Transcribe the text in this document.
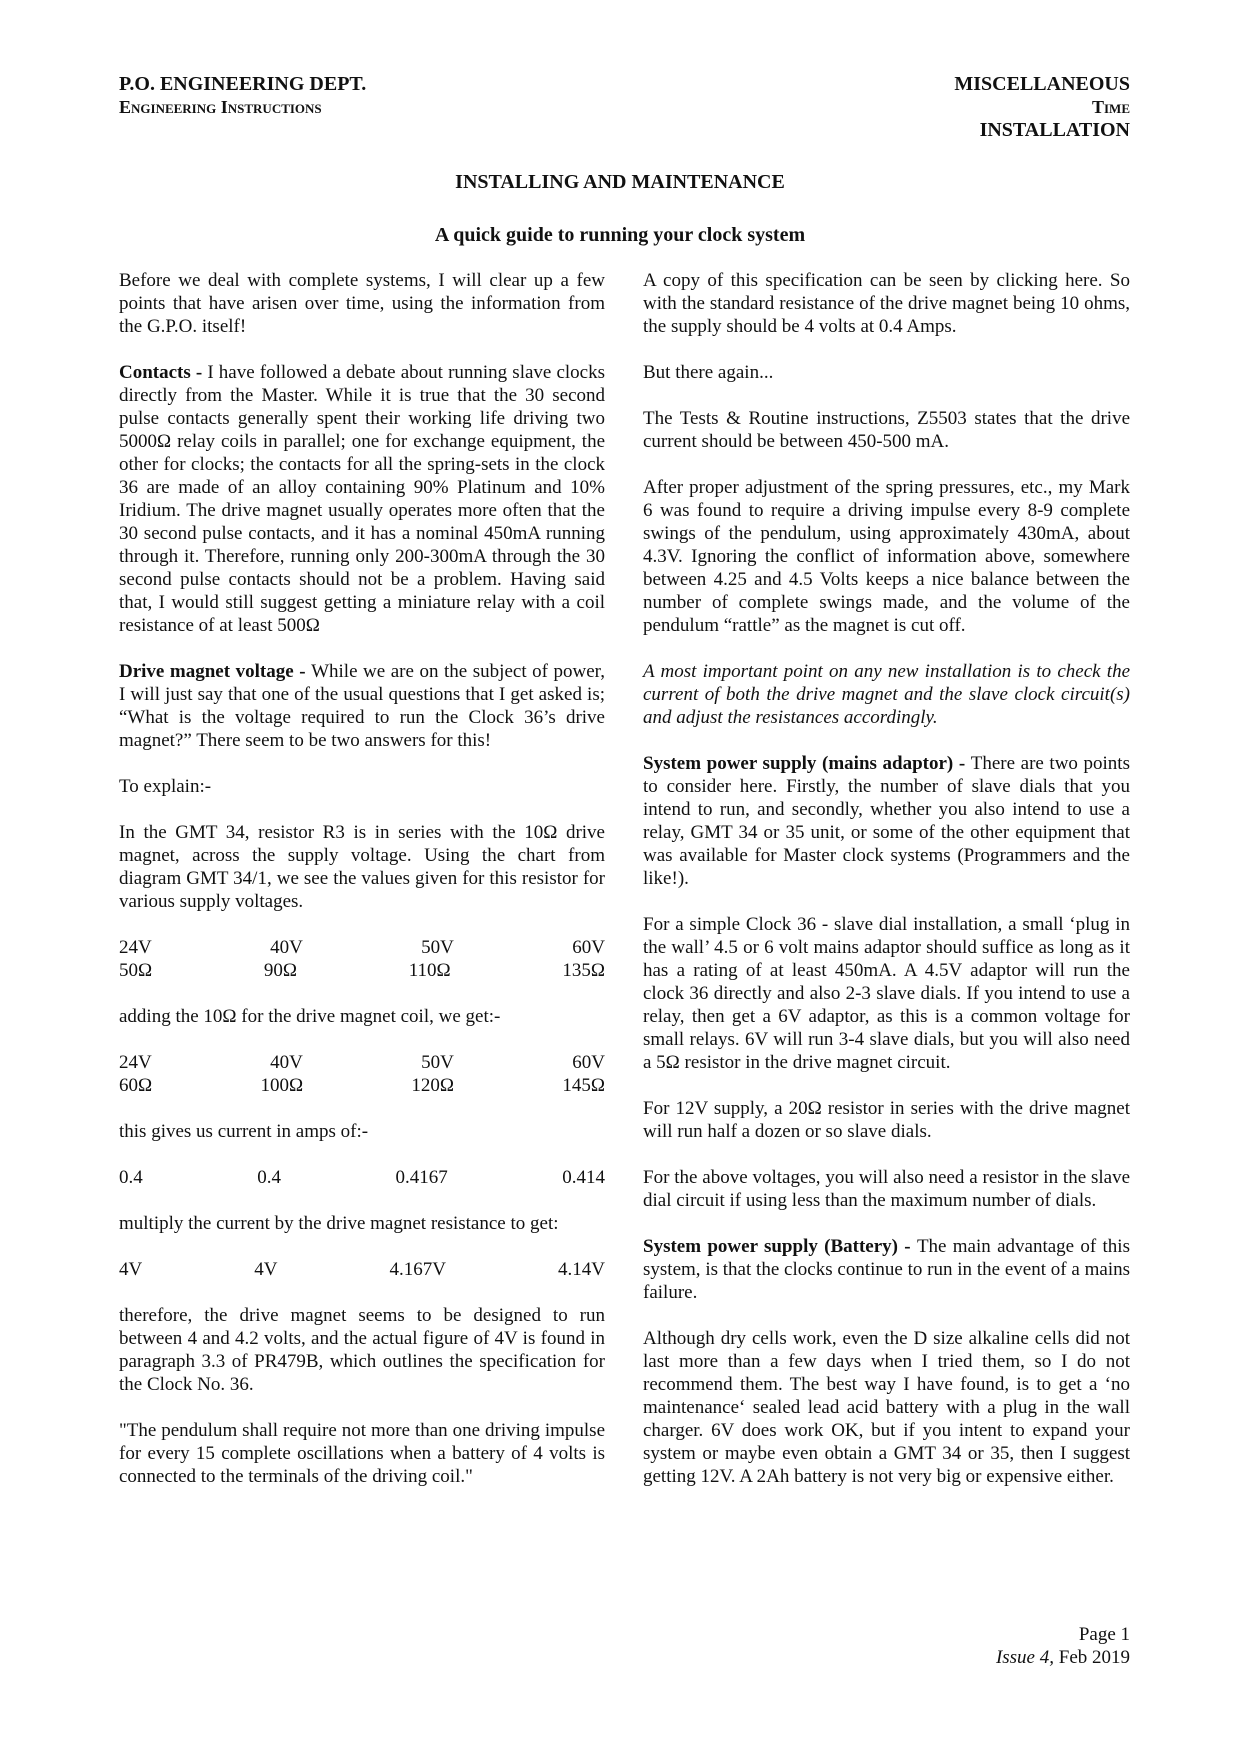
P.O. ENGINEERING DEPT.
Engineering Instructions
MISCELLANEOUS
Time
INSTALLATION
INSTALLING AND MAINTENANCE
A quick guide to running your clock system

Before we deal with complete systems, I will clear up a few points that have arisen over time, using the information from the G.P.O. itself!

Contacts - I have followed a debate about running slave clocks directly from the Master. While it is true that the 30 second pulse contacts generally spent their working life driving two 5000Ω relay coils in parallel; one for exchange equipment, the other for clocks; the contacts for all the spring-sets in the clock 36 are made of an alloy containing 90% Platinum and 10% Iridium. The drive magnet usually operates more often that the 30 second pulse contacts, and it has a nominal 450mA running through it. Therefore, running only 200-300mA through the 30 second pulse contacts should not be a problem. Having said that, I would still suggest getting a miniature relay with a coil resistance of at least 500Ω

Drive magnet voltage - While we are on the subject of power, I will just say that one of the usual questions that I get asked is; “What is the voltage required to run the Clock 36’s drive magnet?” There seem to be two answers for this!

To explain:-

In the GMT 34, resistor R3 is in series with the 10Ω drive magnet, across the supply voltage. Using the chart from diagram GMT 34/1, we see the values given for this resistor for various supply voltages.

24V	40V	50V	60V
50Ω	90Ω	110Ω	135Ω

adding the 10Ω for the drive magnet coil, we get:-

24V	40V	50V	60V
60Ω	100Ω	120Ω	145Ω

this gives us current in amps of:-

0.4	0.4	0.4167	0.414

multiply the current by the drive magnet resistance to get:

4V	4V	4.167V	4.14V

therefore, the drive magnet seems to be designed to run between 4 and 4.2 volts, and the actual figure of 4V is found in paragraph 3.3 of PR479B, which outlines the specification for the Clock No. 36.

"The pendulum shall require not more than one driving impulse for every 15 complete oscillations when a battery of 4 volts is connected to the terminals of the driving coil."

A copy of this specification can be seen by clicking here. So with the standard resistance of the drive magnet being 10 ohms, the supply should be 4 volts at 0.4 Amps.

But there again...

The Tests & Routine instructions, Z5503 states that the drive current should be between 450-500 mA.

After proper adjustment of the spring pressures, etc., my Mark 6 was found to require a driving impulse every 8-9 complete swings of the pendulum, using approximately 430mA, about 4.3V. Ignoring the conflict of information above, somewhere between 4.25 and 4.5 Volts keeps a nice balance between the number of complete swings made, and the volume of the pendulum “rattle” as the magnet is cut off.

A most important point on any new installation is to check the current of both the drive magnet and the slave clock circuit(s) and adjust the resistances accordingly.

System power supply (mains adaptor) - There are two points to consider here. Firstly, the number of slave dials that you intend to run, and secondly, whether you also intend to use a relay, GMT 34 or 35 unit, or some of the other equipment that was available for Master clock systems (Programmers and the like!).

For a simple Clock 36 - slave dial installation, a small ‘plug in the wall’ 4.5 or 6 volt mains adaptor should suffice as long as it has a rating of at least 450mA. A 4.5V adaptor will run the clock 36 directly and also 2-3 slave dials. If you intend to use a relay, then get a 6V adaptor, as this is a common voltage for small relays. 6V will run 3-4 slave dials, but you will also need a 5Ω resistor in the drive magnet circuit.

For 12V supply, a 20Ω resistor in series with the drive magnet will run half a dozen or so slave dials.

For the above voltages, you will also need a resistor in the slave dial circuit if using less than the maximum number of dials.

System power supply (Battery) - The main advantage of this system, is that the clocks continue to run in the event of a mains failure.

Although dry cells work, even the D size alkaline cells did not last more than a few days when I tried them, so I do not recommend them. The best way I have found, is to get a ‘no maintenance‘ sealed lead acid battery with a plug in the wall charger. 6V does work OK, but if you intent to expand your system or maybe even obtain a GMT 34 or 35, then I suggest getting 12V. A 2Ah battery is not very big or expensive either.

Page 1
Issue 4, Feb 2019
